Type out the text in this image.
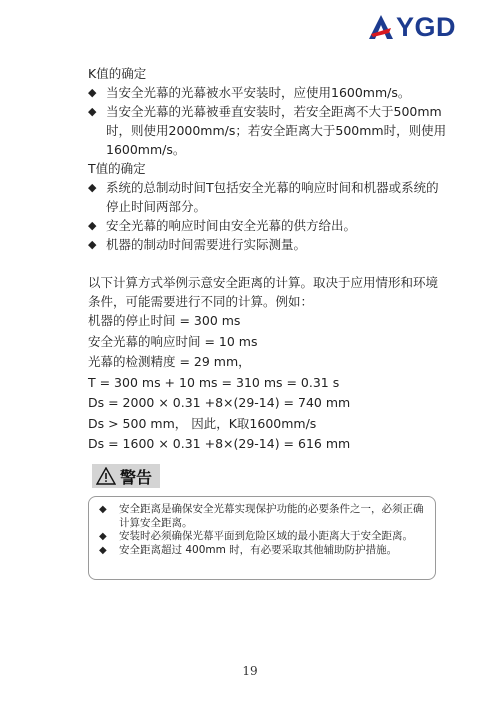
YGD

K值的确定

◆ 当安全光幕的光幕被水平安装时，应使用1600mm/s。
◆ 当安全光幕的光幕被垂直安装时，若安全距离不大于500mm时，则使用2000mm/s；若安全距离大于500mm时，则使用1600mm/s。

T值的确定

◆ 系统的总制动时间T包括安全光幕的响应时间和机器或系统的停止时间两部分。
◆ 安全光幕的响应时间由安全光幕的供方给出。
◆ 机器的制动时间需要进行实际测量。

以下计算方式举例示意安全距离的计算。取决于应用情形和环境条件，可能需要进行不同的计算。例如：

机器的停止时间 = 300 ms

安全光幕的响应时间 = 10 ms

光幕的检测精度 = 29 mm，

T = 300 ms + 10 ms = 310 ms = 0.31 s

Ds = 2000 × 0.31 +8×(29-14) = 740 mm

Ds > 500 mm， 因此，K取1600mm/s

Ds = 1600 × 0.31 +8×(29-14) = 616 mm

警告
◆	安全距离是确保安全光幕实现保护功能的必要条件之一，必须正确计算安全距离。
◆	安装时必须确保光幕平面到危险区域的最小距离大于安全距离。
◆	安全距离超过 400mm 时，有必要采取其他辅助防护措施。
19
